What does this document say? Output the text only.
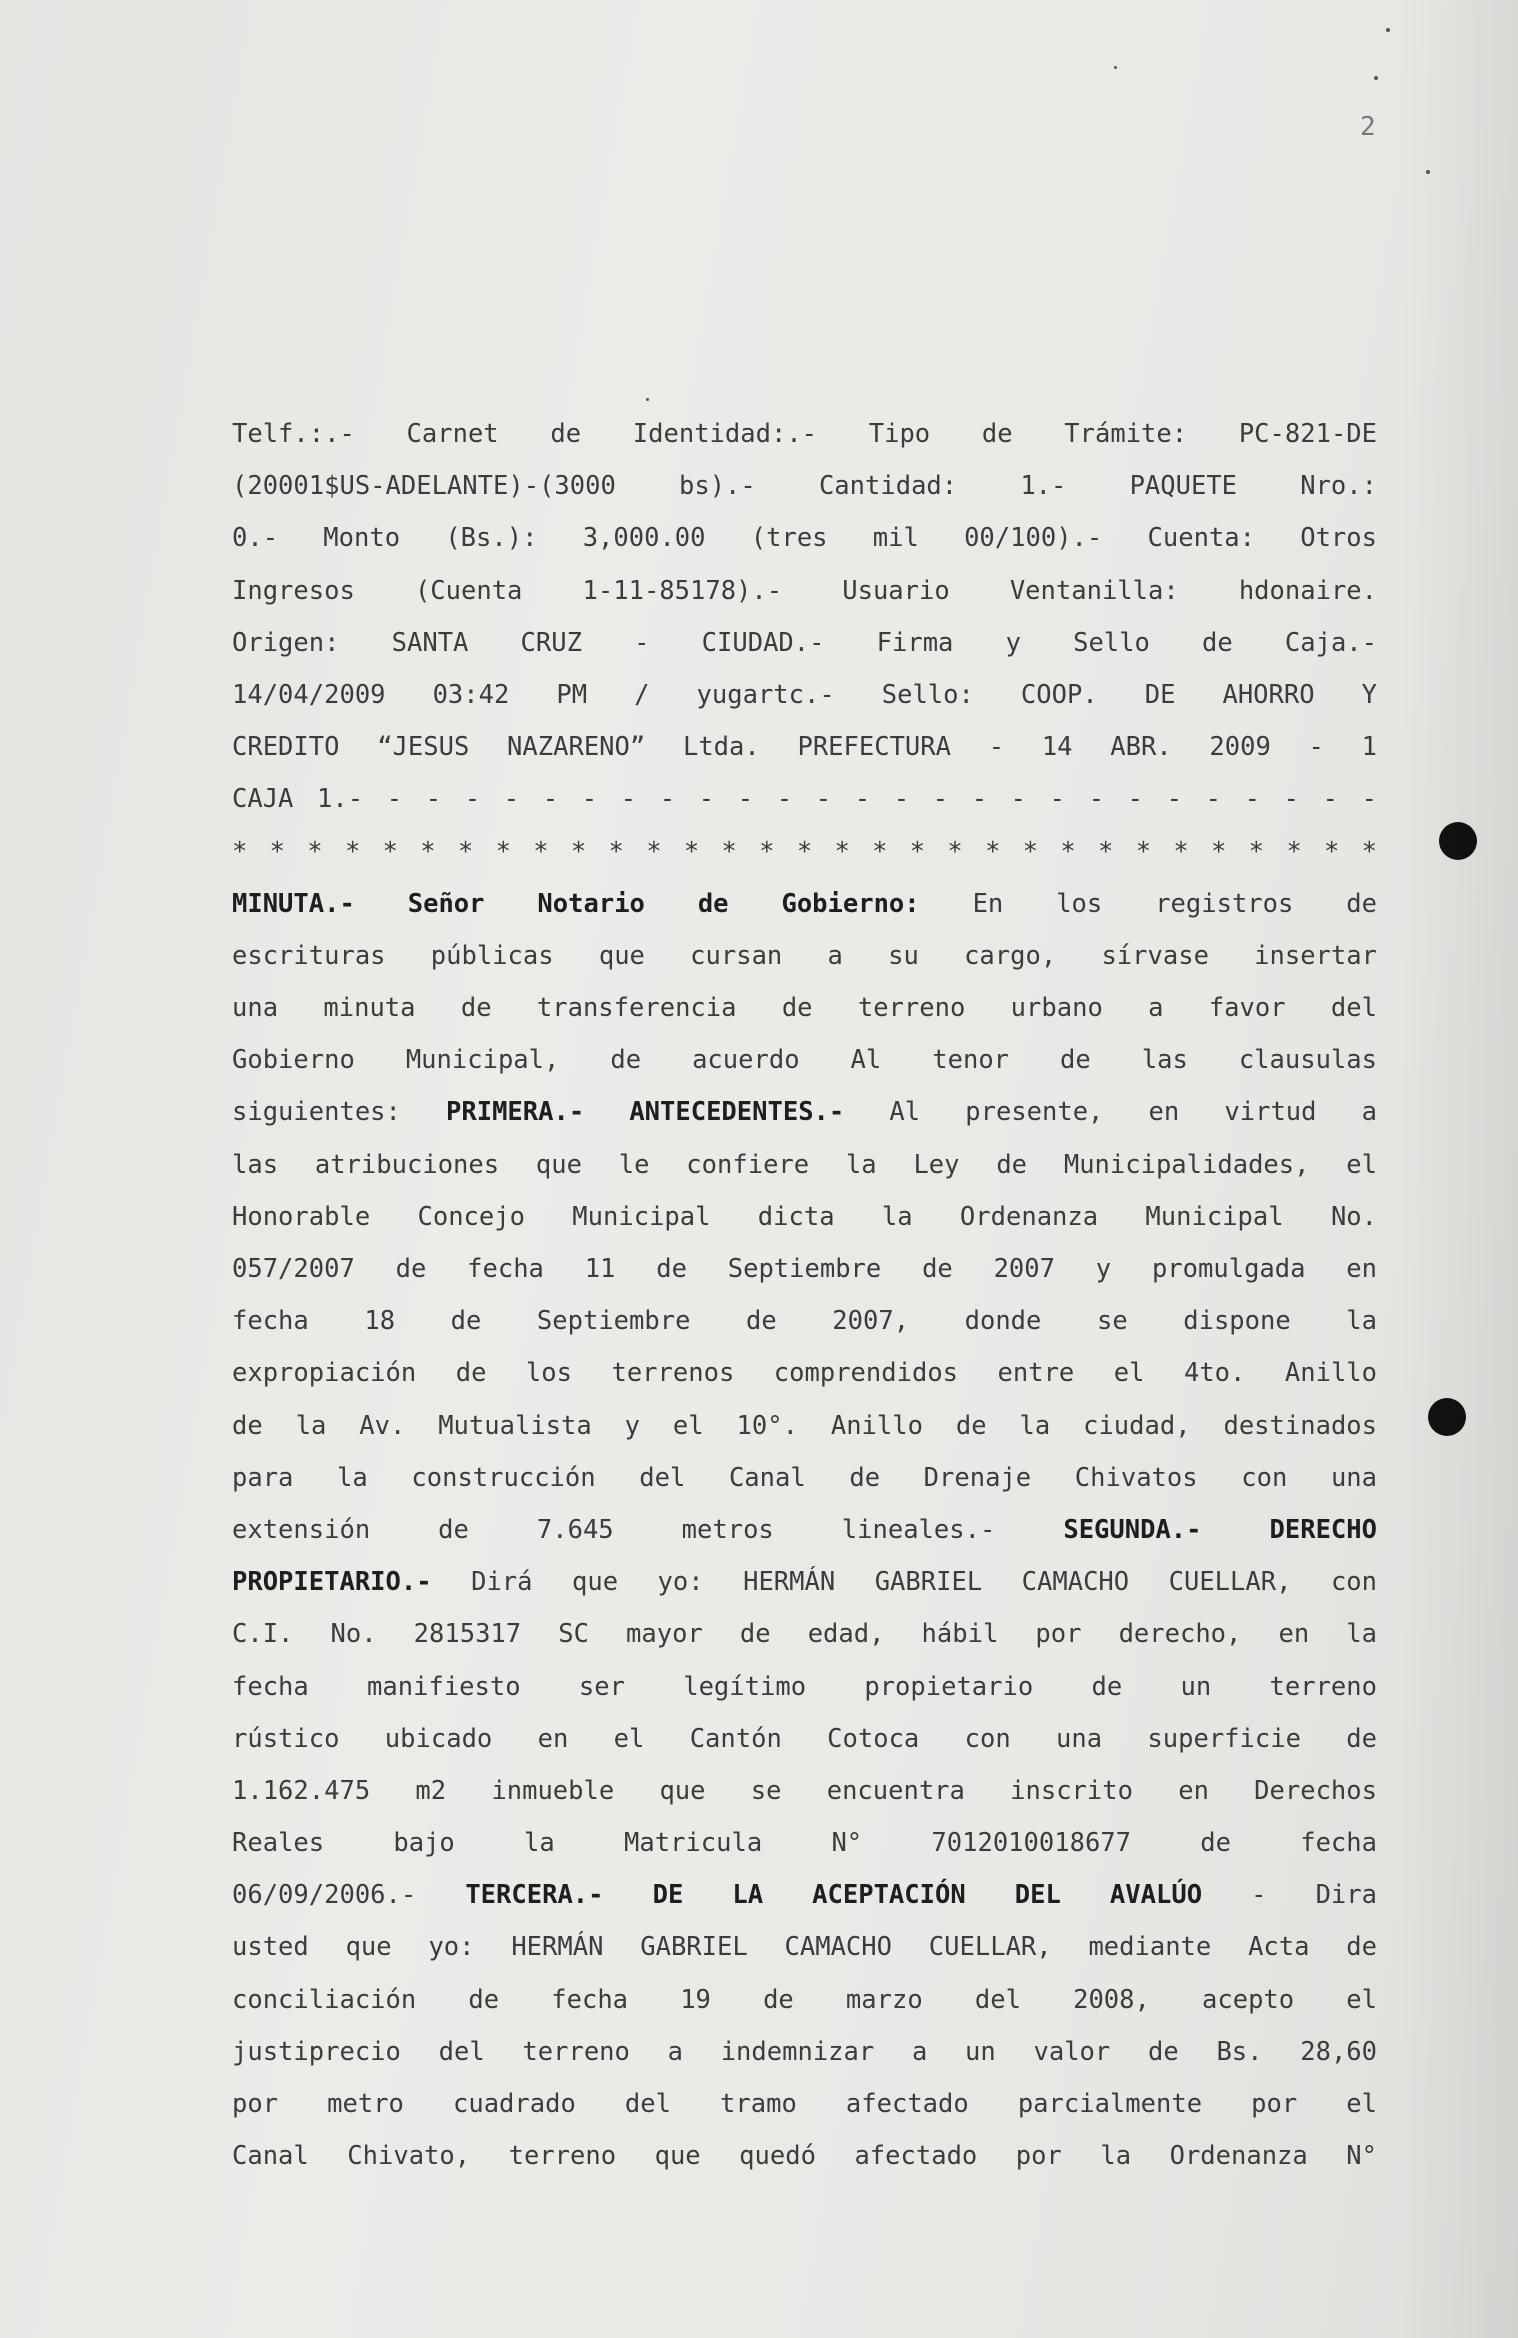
2
Telf.:.- Carnet de Identidad:.- Tipo de Trámite: PC-821-DE
(20001$US-ADELANTE)-(3000 bs).- Cantidad: 1.- PAQUETE Nro.:
0.- Monto (Bs.): 3,000.00 (tres mil 00/100).- Cuenta: Otros
Ingresos (Cuenta 1-11-85178).- Usuario Ventanilla: hdonaire.
Origen: SANTA CRUZ - CIUDAD.- Firma y Sello de Caja.-
14/04/2009 03:42 PM / yugartc.- Sello: COOP. DE AHORRO Y
CREDITO “JESUS NAZARENO” Ltda. PREFECTURA - 14 ABR. 2009 - 1
CAJA 1.- - - - - - - - - - - - - - - - - - - - - - - - - - -
* * * * * * * * * * * * * * * * * * * * * * * * * * * * * * *
MINUTA.- Señor Notario de Gobierno: En los registros de
escrituras públicas que cursan a su cargo, sírvase insertar
una minuta de transferencia de terreno urbano a favor del
Gobierno Municipal, de acuerdo Al tenor de las clausulas
siguientes: PRIMERA.- ANTECEDENTES.- Al presente, en virtud a
las atribuciones que le confiere la Ley de Municipalidades, el
Honorable Concejo Municipal dicta la Ordenanza Municipal No.
057/2007 de fecha 11 de Septiembre de 2007 y promulgada en
fecha 18 de Septiembre de 2007, donde se dispone la
expropiación de los terrenos comprendidos entre el 4to. Anillo
de la Av. Mutualista y el 10°. Anillo de la ciudad, destinados
para la construcción del Canal de Drenaje Chivatos con una
extensión de 7.645 metros lineales.- SEGUNDA.- DERECHO
PROPIETARIO.- Dirá que yo: HERMÁN GABRIEL CAMACHO CUELLAR, con
C.I. No. 2815317 SC mayor de edad, hábil por derecho, en la
fecha manifiesto ser legítimo propietario de un terreno
rústico ubicado en el Cantón Cotoca con una superficie de
1.162.475 m2 inmueble que se encuentra inscrito en Derechos
Reales bajo la Matricula N° 7012010018677 de fecha
06/09/2006.- TERCERA.- DE LA ACEPTACIÓN DEL AVALÚO - Dira
usted que yo: HERMÁN GABRIEL CAMACHO CUELLAR, mediante Acta de
conciliación de fecha 19 de marzo del 2008, acepto el
justiprecio del terreno a indemnizar a un valor de Bs. 28,60
por metro cuadrado del tramo afectado parcialmente por el
Canal Chivato, terreno que quedó afectado por la Ordenanza N°
